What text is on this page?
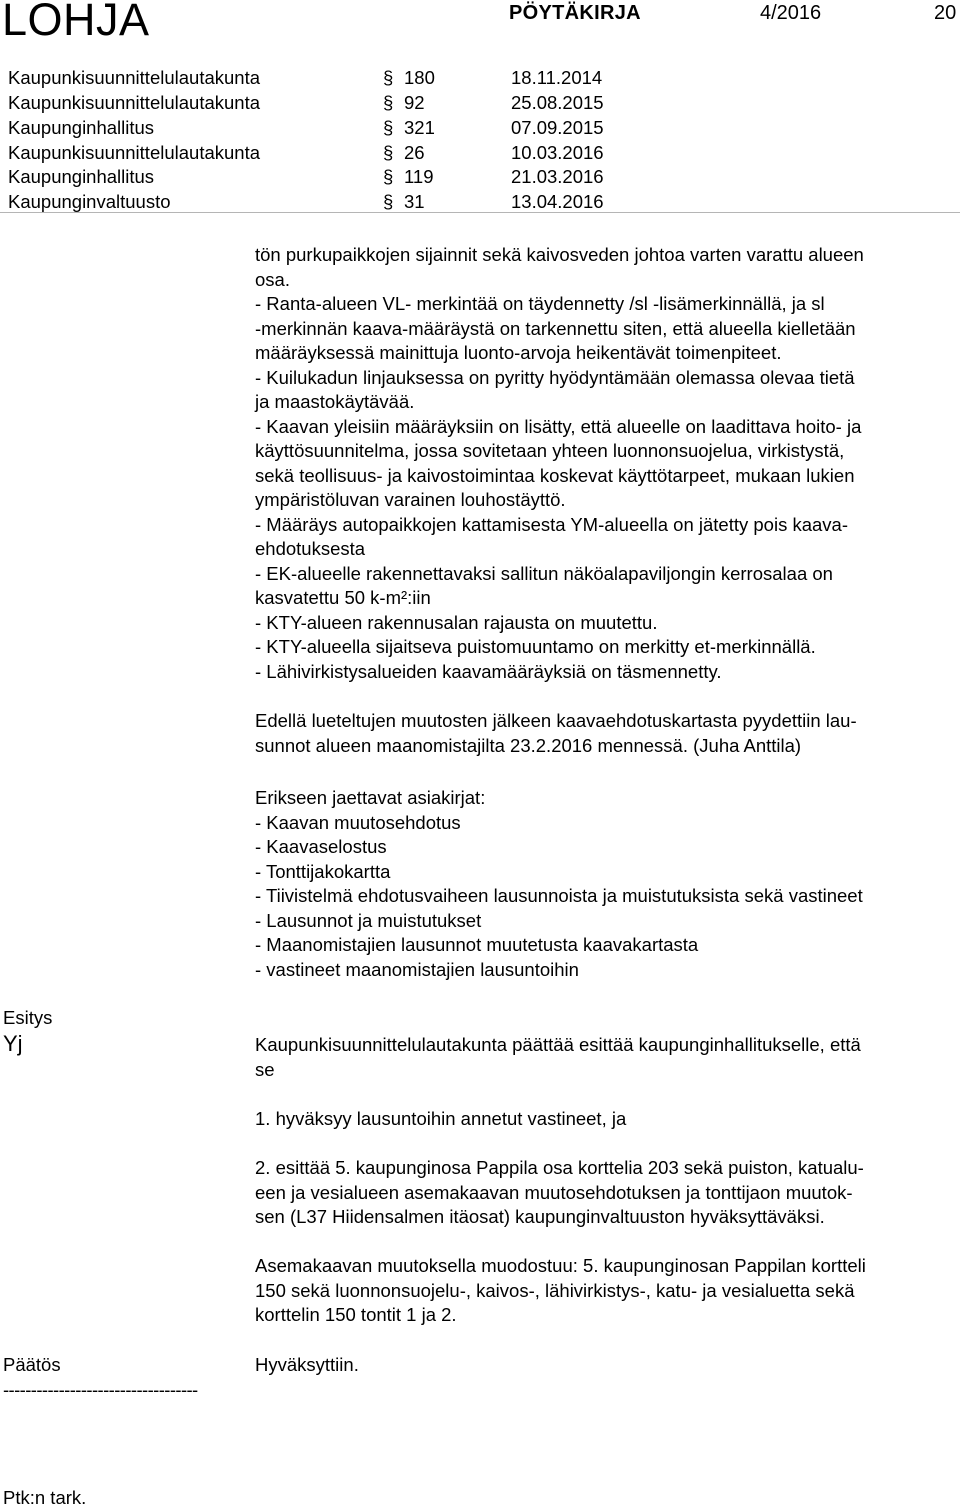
LOHJA	PÖYTÄKIRJA	4/2016	20
Kaupunkisuunnittelulautakunta	§ 180	18.11.2014
Kaupunkisuunnittelulautakunta	§ 92	25.08.2015
Kaupunginhallitus	§ 321	07.09.2015
Kaupunkisuunnittelulautakunta	§ 26	10.03.2016
Kaupunginhallitus	§ 119	21.03.2016
Kaupunginvaltuusto	§ 31	13.04.2016
tön purkupaikkojen sijainnit sekä kaivosveden johtoa varten varattu alueen
osa.
- Ranta-alueen VL- merkintää on täydennetty /sl -lisämerkinnällä, ja sl
-merkinnän kaava-määräystä on tarkennettu siten, että alueella kielletään
määräyksessä mainittuja luonto-arvoja heikentävät toimenpiteet.
- Kuilukadun linjauksessa on pyritty hyödyntämään olemassa olevaa tietä
ja maastokäytävää.
- Kaavan yleisiin määräyksiin on lisätty, että alueelle on laadittava hoito- ja
käyttösuunnitelma, jossa sovitetaan yhteen luonnonsuojelua, virkistystä,
sekä teollisuus- ja kaivostoimintaa koskevat käyttötarpeet, mukaan lukien
ympäristöluvan varainen louhostäyttö.
- Määräys autopaikkojen kattamisesta YM-alueella on jätetty pois kaava-
ehdotuksesta
- EK-alueelle rakennettavaksi sallitun näköalapaviljongin kerrosalaa on
kasvatettu 50 k-m²:iin
- KTY-alueen rakennusalan rajausta on muutettu.
- KTY-alueella sijaitseva puistomuuntamo on merkitty et-merkinnällä.
- Lähivirkistysalueiden kaavamääräyksiä on täsmennetty.
Edellä lueteltujen muutosten jälkeen kaavaehdotuskartasta pyydettiin lau-
sunnot alueen maanomistajilta 23.2.2016 mennessä. (Juha Anttila)
Erikseen jaettavat asiakirjat:
- Kaavan muutosehdotus
- Kaavaselostus
- Tonttijakokartta
- Tiivistelmä ehdotusvaiheen lausunnoista ja muistutuksista sekä vastineet
- Lausunnot ja muistutukset
- Maanomistajien lausunnot muutetusta kaavakartasta
- vastineet maanomistajien lausuntoihin
Esitys
Yj	Kaupunkisuunnittelulautakunta päättää esittää kaupunginhallitukselle, että
se
1. hyväksyy lausuntoihin annetut vastineet, ja
2. esittää 5. kaupunginosa Pappila osa korttelia 203 sekä puiston, katualu-
een ja vesialueen asemakaavan muutosehdotuksen ja tonttijaon muutok-
sen (L37 Hiidensalmen itäosat) kaupunginvaltuuston hyväksyttäväksi.
Asemakaavan muutoksella muodostuu: 5. kaupunginosan Pappilan kortteli
150 sekä luonnonsuojelu-, kaivos-, lähivirkistys-, katu- ja vesialuetta sekä
korttelin 150 tontit 1 ja 2.
Päätös	Hyväksyttiin.
-----------------------------------
Ptk:n tark.
